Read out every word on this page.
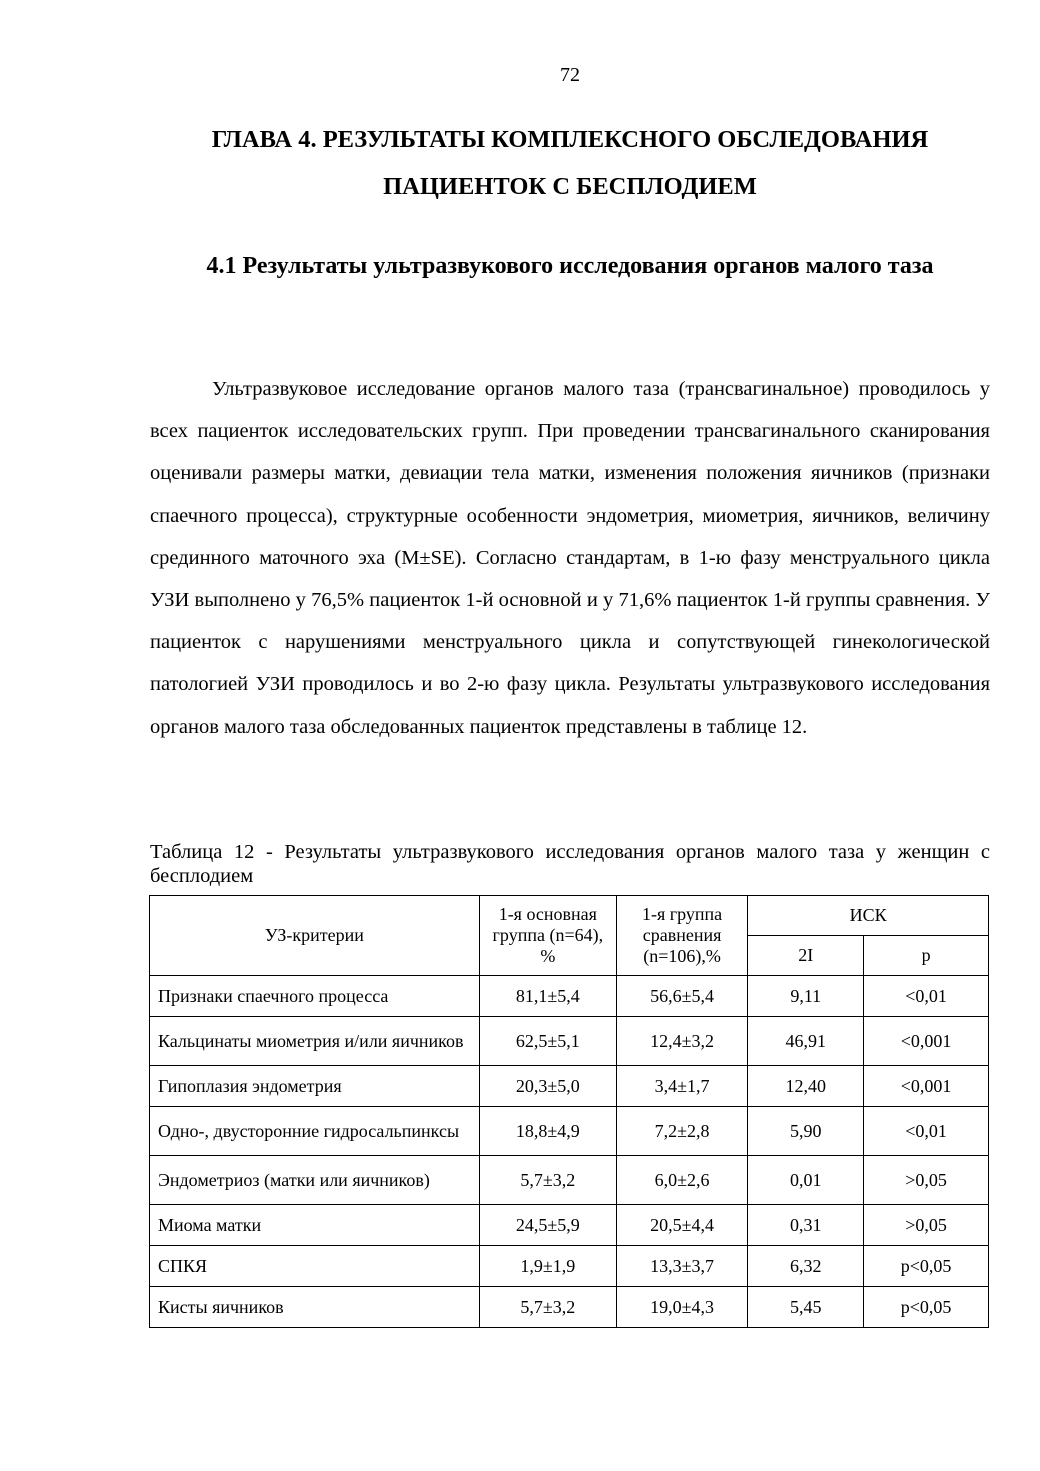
72
ГЛАВА 4. РЕЗУЛЬТАТЫ КОМПЛЕКСНОГО ОБСЛЕДОВАНИЯ ПАЦИЕНТОК С БЕСПЛОДИЕМ
4.1 Результаты ультразвукового исследования органов малого таза

Ультразвуковое исследование органов малого таза (трансвагинальное) проводилось у всех пациенток исследовательских групп. При проведении трансвагинального сканирования оценивали размеры матки, девиации тела матки, изменения положения яичников (признаки спаечного процесса), структурные особенности эндометрия, миометрия, яичников, величину срединного маточного эха (M±SE). Согласно стандартам, в 1-ю фазу менструального цикла УЗИ выполнено у 76,5% пациенток 1-й основной и у 71,6% пациенток 1-й группы сравнения. У пациенток с нарушениями менструального цикла и сопутствующей гинекологической патологией УЗИ проводилось и во 2-ю фазу цикла. Результаты ультразвукового исследования органов малого таза обследованных пациенток представлены в таблице 12.

Таблица 12 - Результаты ультразвукового исследования органов малого таза у женщин с бесплодием

УЗ-критерии	1-я основная группа (n=64), %	1-я группа сравнения (n=106),%	ИСК	
			2I	p
Признаки спаечного процесса	81,1±5,4	56,6±5,4	9,11	<0,01
Кальцинаты миометрия и/или яичников	62,5±5,1	12,4±3,2	46,91	<0,001
Гипоплазия эндометрия	20,3±5,0	3,4±1,7	12,40	<0,001
Одно-, двусторонние гидросальпинксы	18,8±4,9	7,2±2,8	5,90	<0,01
Эндометриоз (матки или яичников)	5,7±3,2	6,0±2,6	0,01	>0,05
Миома матки	24,5±5,9	20,5±4,4	0,31	>0,05
СПКЯ	1,9±1,9	13,3±3,7	6,32	p<0,05
Кисты яичников	5,7±3,2	19,0±4,3	5,45	p<0,05
